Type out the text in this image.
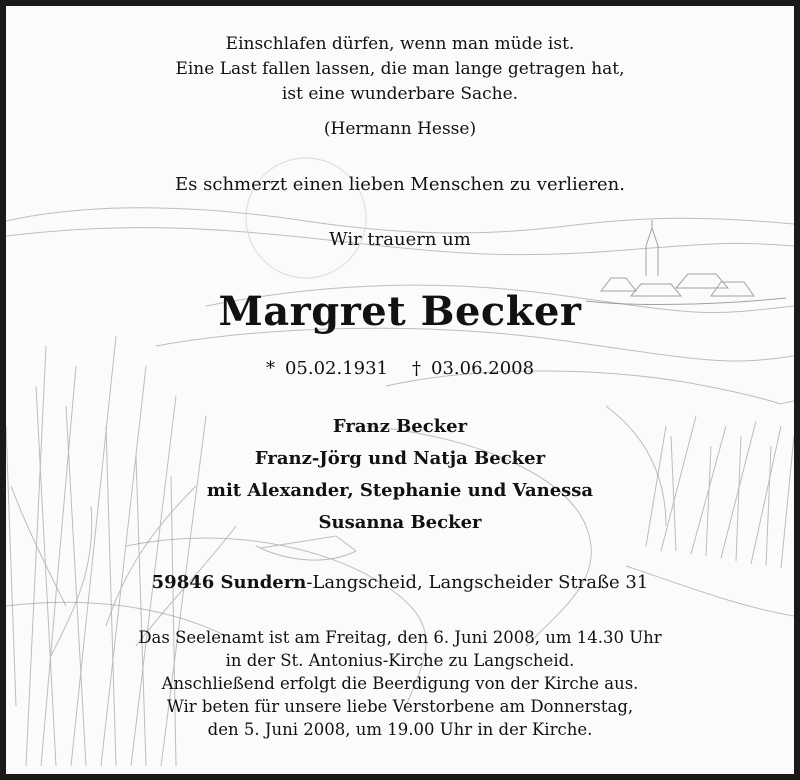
Einschlafen dürfen, wenn man müde ist.
Eine Last fallen lassen, die man lange getragen hat,
ist eine wunderbare Sache.
(Hermann Hesse)
Es schmerzt einen lieben Menschen zu verlieren.
Wir trauern um
Margret Becker
* 05.02.1931 † 03.06.2008
Franz Becker
Franz-Jörg und Natja Becker
mit Alexander, Stephanie und Vanessa
Susanna Becker
59846 Sundern-Langscheid, Langscheider Straße 31
Das Seelenamt ist am Freitag, den 6. Juni 2008, um 14.30 Uhr
in der St. Antonius-Kirche zu Langscheid.
Anschließend erfolgt die Beerdigung von der Kirche aus.
Wir beten für unsere liebe Verstorbene am Donnerstag,
den 5. Juni 2008, um 19.00 Uhr in der Kirche.
